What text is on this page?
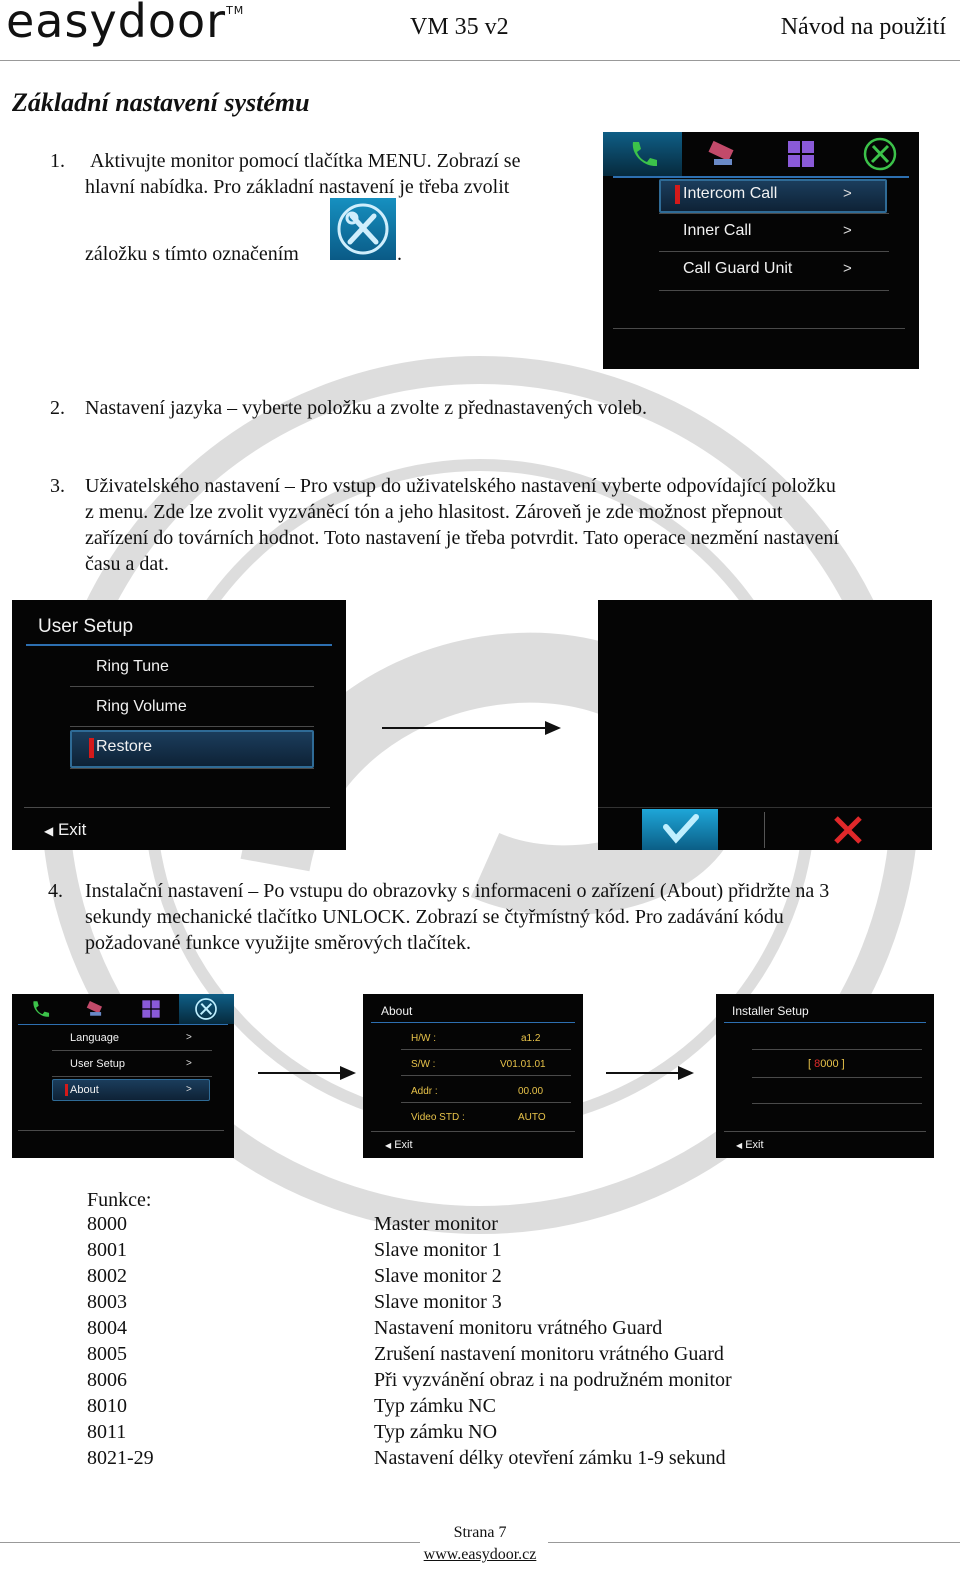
easydoor™
VM 35 v2	Návod na použití
Základní nastavení systému
1. Aktivujte monitor pomocí tlačítka MENU. Zobrazí se
hlavní nabídka. Pro základní nastavení je třeba zvolit
záložku s tímto označením	.
Intercom Call	>
Inner Call	>
Call Guard Unit	>
2. Nastavení jazyka – vyberte položku a zvolte z přednastavených voleb.
3. Uživatelského nastavení – Pro vstup do uživatelského nastavení vyberte odpovídající položku
z menu. Zde lze zvolit vyzváněcí tón a jeho hlasitost. Zároveň je zde možnost přepnout
zařízení do továrních hodnot. Toto nastavení je třeba potvrdit. Tato operace nezmění nastavení
času a dat.
User Setup
Ring Tune
Ring Volume
Restore
◀ Exit
4. Instalační nastavení – Po vstupu do obrazovky s informaceni o zařízení (About) přidržte na 3
sekundy mechanické tlačítko UNLOCK. Zobrazí se čtyřmístný kód. Pro zadávání kódu
požadované funkce využijte směrových tlačítek.
Language	>
User Setup	>
About	>
About
H/W :	a1.2
S/W :	V01.01.01
Addr :	00.00
Video STD :	AUTO
◀ Exit
Installer Setup
[ 8000 ]
◀ Exit
Funkce:
8000	Master monitor
8001	Slave monitor 1
8002	Slave monitor 2
8003	Slave monitor 3
8004	Nastavení monitoru vrátného Guard
8005	Zrušení nastavení monitoru vrátného Guard
8006	Při vyzvánění obraz i na podružném monitor
8010	Typ zámku NC
8011	Typ zámku NO
8021-29	Nastavení délky otevření zámku 1-9 sekund
Strana 7
www.easydoor.cz
